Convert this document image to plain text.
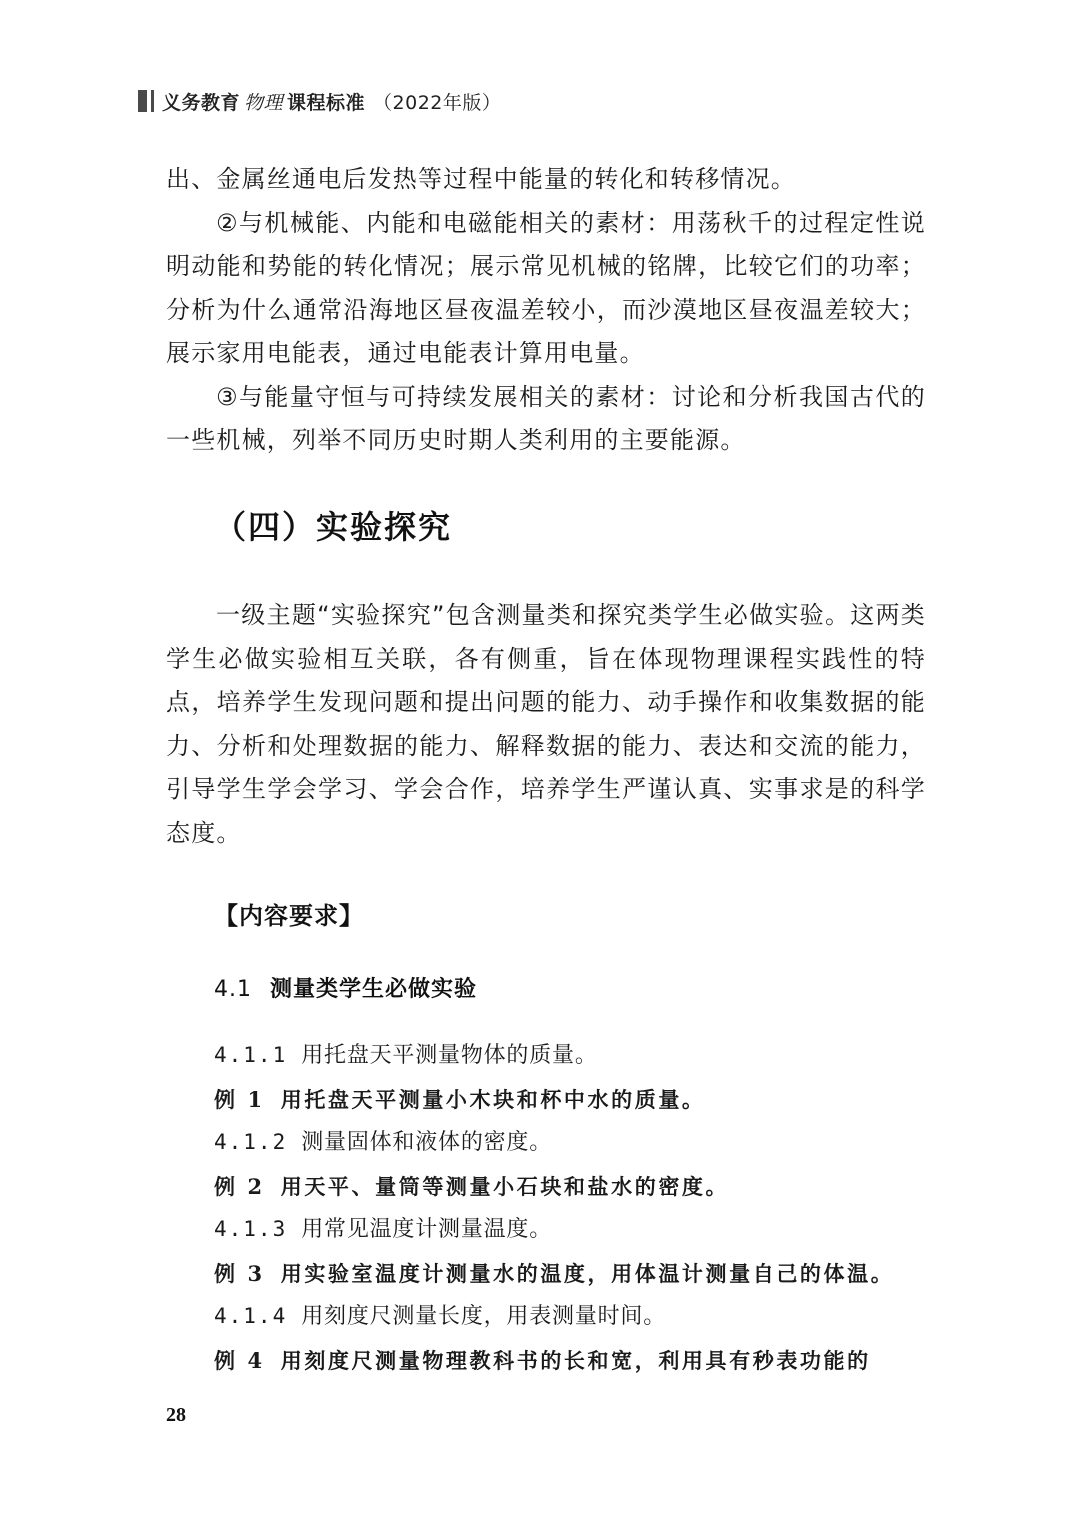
义务教育 物理 课程标准 （2022年版）

出、金属丝通电后发热等过程中能量的转化和转移情况。

②与机械能、内能和电磁能相关的素材：用荡秋千的过程定性说明动能和势能的转化情况；展示常见机械的铭牌，比较它们的功率；分析为什么通常沿海地区昼夜温差较小，而沙漠地区昼夜温差较大；展示家用电能表，通过电能表计算用电量。

③与能量守恒与可持续发展相关的素材：讨论和分析我国古代的一些机械，列举不同历史时期人类利用的主要能源。

（四）实验探究

一级主题“实验探究”包含测量类和探究类学生必做实验。这两类学生必做实验相互关联，各有侧重，旨在体现物理课程实践性的特点，培养学生发现问题和提出问题的能力、动手操作和收集数据的能力、分析和处理数据的能力、解释数据的能力、表达和交流的能力，引导学生学会学习、学会合作，培养学生严谨认真、实事求是的科学态度。

【内容要求】
4.1 测量类学生必做实验
4.1.1 用托盘天平测量物体的质量。
例 1 用托盘天平测量小木块和杯中水的质量。
4.1.2 测量固体和液体的密度。
例 2 用天平、量筒等测量小石块和盐水的密度。
4.1.3 用常见温度计测量温度。
例 3 用实验室温度计测量水的温度，用体温计测量自己的体温。
4.1.4 用刻度尺测量长度，用表测量时间。
例 4 用刻度尺测量物理教科书的长和宽，利用具有秒表功能的
28
